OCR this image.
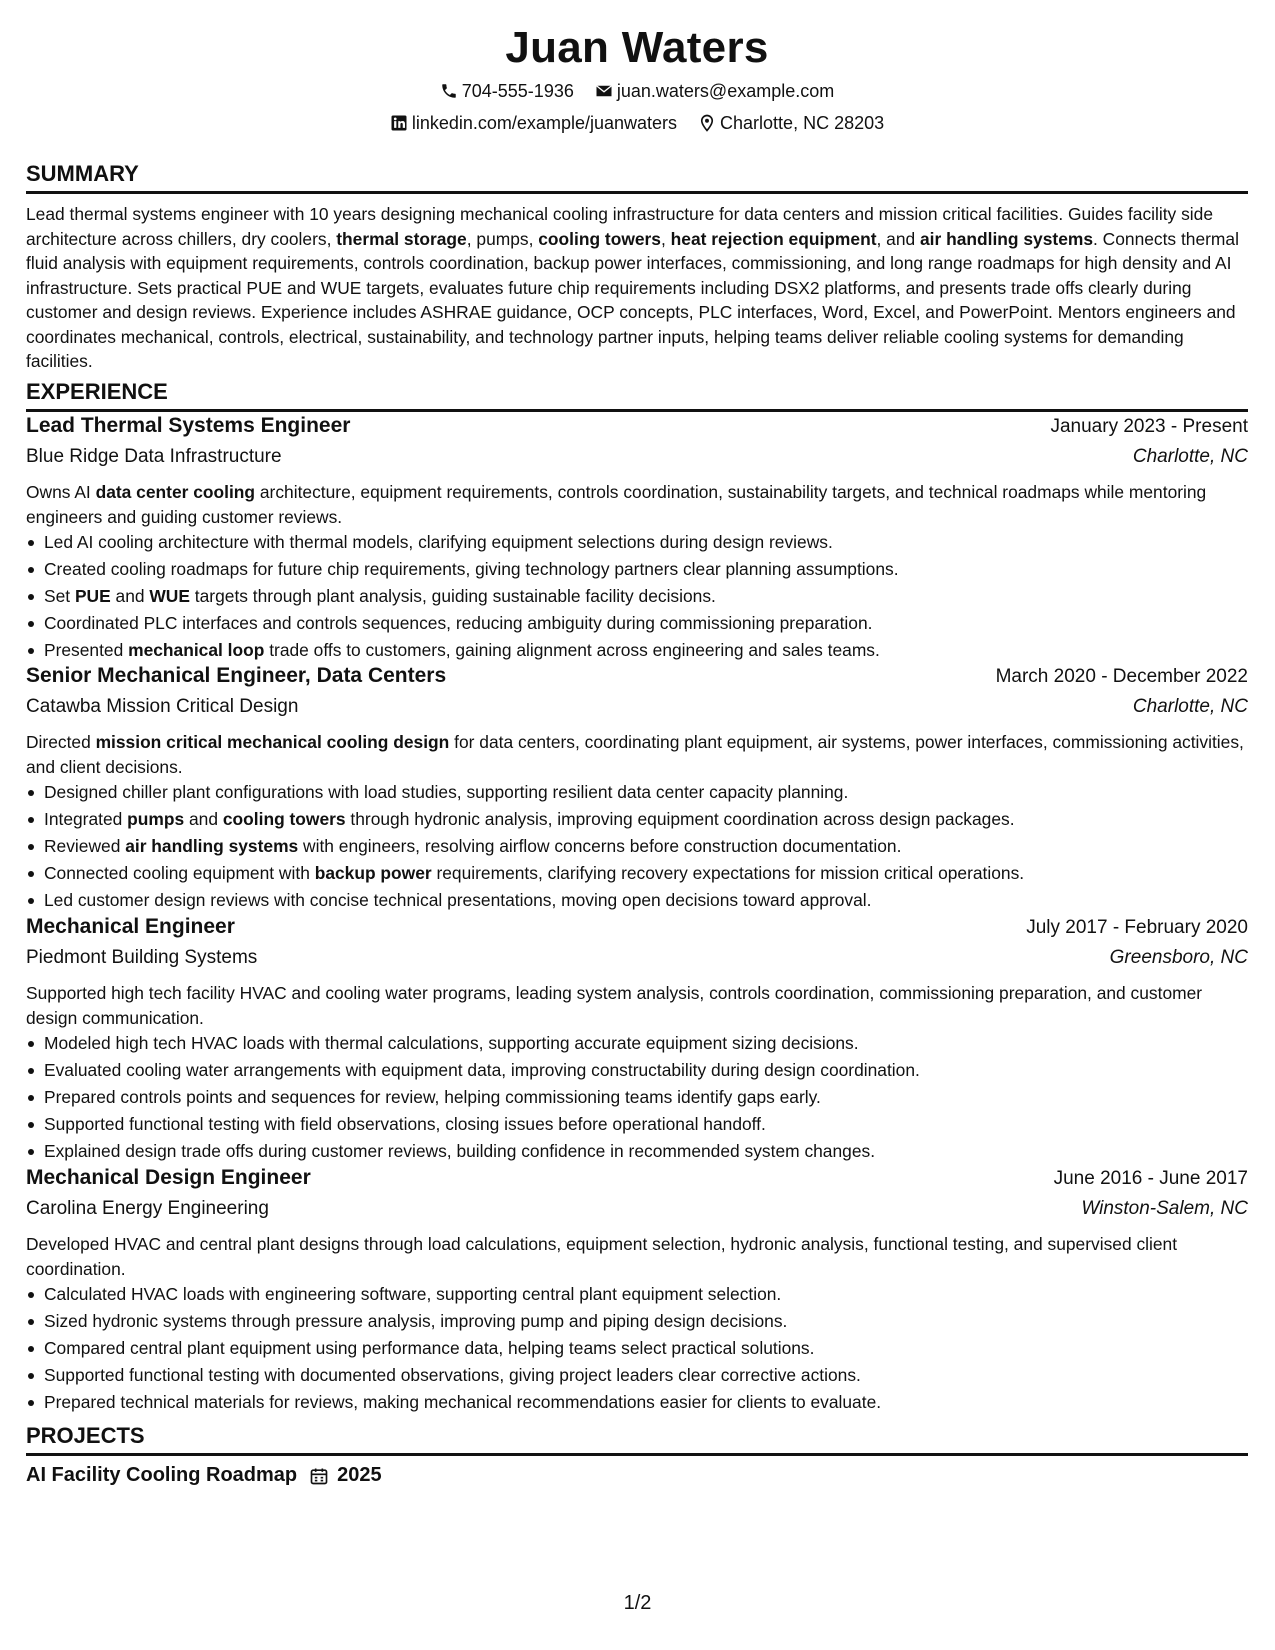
Juan Waters
704-555-1936
juan.waters@example.com
linkedin.com/example/juanwaters
Charlotte, NC 28203
SUMMARY

Lead thermal systems engineer with 10 years designing mechanical cooling infrastructure for data centers and mission critical facilities. Guides facility side architecture across chillers, dry coolers, thermal storage, pumps, cooling towers, heat rejection equipment, and air handling systems. Connects thermal fluid analysis with equipment requirements, controls coordination, backup power interfaces, commissioning, and long range roadmaps for high density and AI infrastructure. Sets practical PUE and WUE targets, evaluates future chip requirements including DSX2 platforms, and presents trade offs clearly during customer and design reviews. Experience includes ASHRAE guidance, OCP concepts, PLC interfaces, Word, Excel, and PowerPoint. Mentors engineers and coordinates mechanical, controls, electrical, sustainability, and technology partner inputs, helping teams deliver reliable cooling systems for demanding facilities.

EXPERIENCE
Lead Thermal Systems Engineer	January 2023 - Present
Blue Ridge Data Infrastructure	Charlotte, NC

Owns AI data center cooling architecture, equipment requirements, controls coordination, sustainability targets, and technical roadmaps while mentoring engineers and guiding customer reviews.

Led AI cooling architecture with thermal models, clarifying equipment selections during design reviews.
Created cooling roadmaps for future chip requirements, giving technology partners clear planning assumptions.
Set PUE and WUE targets through plant analysis, guiding sustainable facility decisions.
Coordinated PLC interfaces and controls sequences, reducing ambiguity during commissioning preparation.
Presented mechanical loop trade offs to customers, gaining alignment across engineering and sales teams.
Senior Mechanical Engineer, Data Centers	March 2020 - December 2022
Catawba Mission Critical Design	Charlotte, NC

Directed mission critical mechanical cooling design for data centers, coordinating plant equipment, air systems, power interfaces, commissioning activities, and client decisions.

Designed chiller plant configurations with load studies, supporting resilient data center capacity planning.
Integrated pumps and cooling towers through hydronic analysis, improving equipment coordination across design packages.
Reviewed air handling systems with engineers, resolving airflow concerns before construction documentation.
Connected cooling equipment with backup power requirements, clarifying recovery expectations for mission critical operations.
Led customer design reviews with concise technical presentations, moving open decisions toward approval.
Mechanical Engineer	July 2017 - February 2020
Piedmont Building Systems	Greensboro, NC

Supported high tech facility HVAC and cooling water programs, leading system analysis, controls coordination, commissioning preparation, and customer design communication.

Modeled high tech HVAC loads with thermal calculations, supporting accurate equipment sizing decisions.
Evaluated cooling water arrangements with equipment data, improving constructability during design coordination.
Prepared controls points and sequences for review, helping commissioning teams identify gaps early.
Supported functional testing with field observations, closing issues before operational handoff.
Explained design trade offs during customer reviews, building confidence in recommended system changes.
Mechanical Design Engineer	June 2016 - June 2017
Carolina Energy Engineering	Winston-Salem, NC

Developed HVAC and central plant designs through load calculations, equipment selection, hydronic analysis, functional testing, and supervised client coordination.

Calculated HVAC loads with engineering software, supporting central plant equipment selection.
Sized hydronic systems through pressure analysis, improving pump and piping design decisions.
Compared central plant equipment using performance data, helping teams select practical solutions.
Supported functional testing with documented observations, giving project leaders clear corrective actions.
Prepared technical materials for reviews, making mechanical recommendations easier for clients to evaluate.
PROJECTS
AI Facility Cooling Roadmap 2025
1/2
